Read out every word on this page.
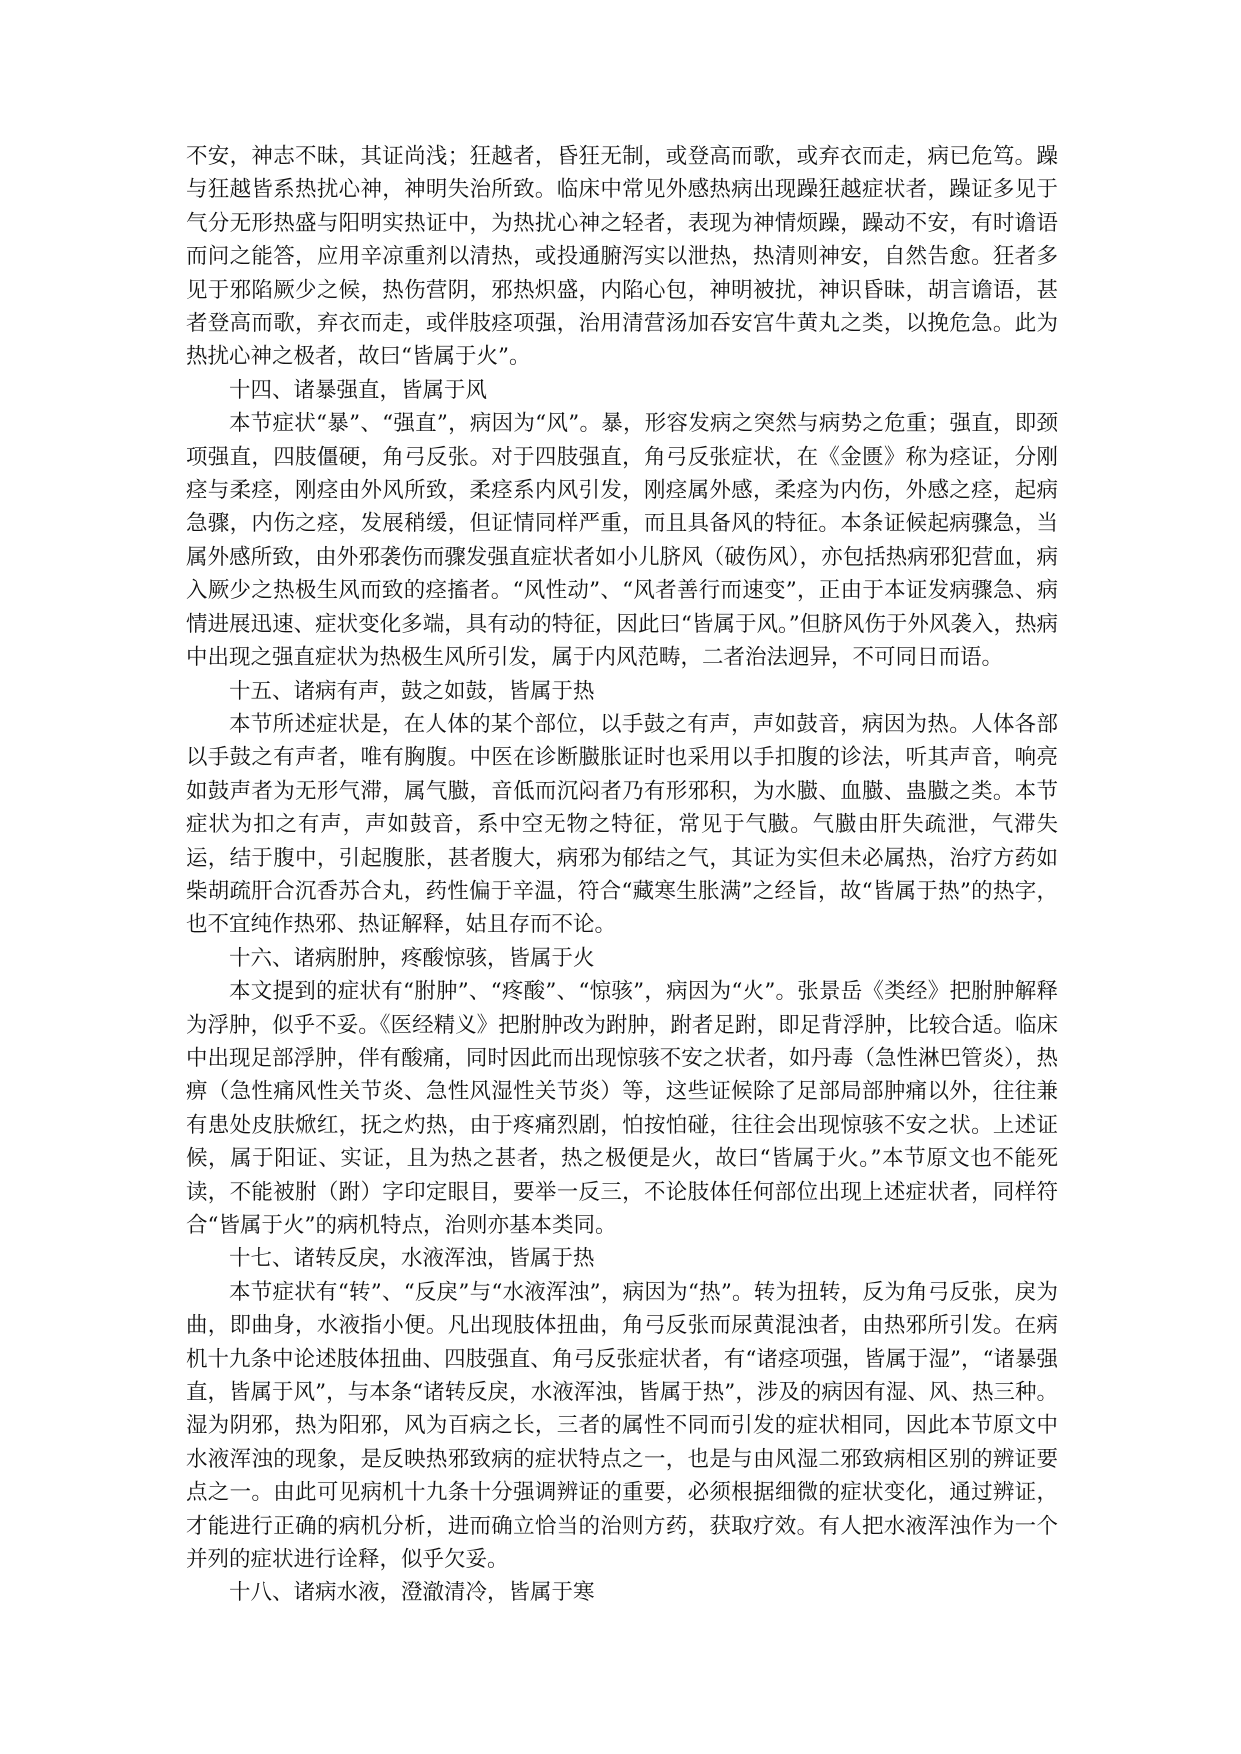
不安，神志不昧，其证尚浅；狂越者，昏狂无制，或登高而歌，或弃衣而走，病已危笃。躁与狂越皆系热扰心神，神明失治所致。临床中常见外感热病出现躁狂越症状者，躁证多见于气分无形热盛与阳明实热证中，为热扰心神之轻者，表现为神情烦躁，躁动不安，有时谵语而问之能答，应用辛凉重剂以清热，或投通腑泻实以泄热，热清则神安，自然告愈。狂者多见于邪陷厥少之候，热伤营阴，邪热炽盛，内陷心包，神明被扰，神识昏昧，胡言谵语，甚者登高而歌，弃衣而走，或伴肢痉项强，治用清营汤加吞安宫牛黄丸之类，以挽危急。此为热扰心神之极者，故曰“皆属于火”。

十四、诸暴强直，皆属于风

本节症状“暴”、“强直”，病因为“风”。暴，形容发病之突然与病势之危重；强直，即颈项强直，四肢僵硬，角弓反张。对于四肢强直，角弓反张症状，在《金匮》称为痉证，分刚痉与柔痉，刚痉由外风所致，柔痉系内风引发，刚痉属外感，柔痉为内伤，外感之痉，起病急骤，内伤之痉，发展稍缓，但证情同样严重，而且具备风的特征。本条证候起病骤急，当属外感所致，由外邪袭伤而骤发强直症状者如小儿脐风（破伤风），亦包括热病邪犯营血，病入厥少之热极生风而致的痉搐者。“风性动”、“风者善行而速变”，正由于本证发病骤急、病情进展迅速、症状变化多端，具有动的特征，因此曰“皆属于风。”但脐风伤于外风袭入，热病中出现之强直症状为热极生风所引发，属于内风范畴，二者治法迥异，不可同日而语。

十五、诸病有声，鼓之如鼓，皆属于热

本节所述症状是，在人体的某个部位，以手鼓之有声，声如鼓音，病因为热。人体各部以手鼓之有声者，唯有胸腹。中医在诊断臌胀证时也采用以手扣腹的诊法，听其声音，响亮如鼓声者为无形气滞，属气臌，音低而沉闷者乃有形邪积，为水臌、血臌、蛊臌之类。本节症状为扣之有声，声如鼓音，系中空无物之特征，常见于气臌。气臌由肝失疏泄，气滞失运，结于腹中，引起腹胀，甚者腹大，病邪为郁结之气，其证为实但未必属热，治疗方药如柴胡疏肝合沉香苏合丸，药性偏于辛温，符合“藏寒生胀满”之经旨，故“皆属于热”的热字，也不宜纯作热邪、热证解释，姑且存而不论。

十六、诸病胕肿，疼酸惊骇，皆属于火

本文提到的症状有“胕肿”、“疼酸”、“惊骇”，病因为“火”。张景岳《类经》把胕肿解释为浮肿，似乎不妥。《医经精义》把胕肿改为跗肿，跗者足跗，即足背浮肿，比较合适。临床中出现足部浮肿，伴有酸痛，同时因此而出现惊骇不安之状者，如丹毒（急性淋巴管炎），热痹（急性痛风性关节炎、急性风湿性关节炎）等，这些证候除了足部局部肿痛以外，往往兼有患处皮肤焮红，抚之灼热，由于疼痛烈剧，怕按怕碰，往往会出现惊骇不安之状。上述证候，属于阳证、实证，且为热之甚者，热之极便是火，故曰“皆属于火。”本节原文也不能死读，不能被胕（跗）字印定眼目，要举一反三，不论肢体任何部位出现上述症状者，同样符合“皆属于火”的病机特点，治则亦基本类同。

十七、诸转反戾，水液浑浊，皆属于热

本节症状有“转”、“反戾”与“水液浑浊”，病因为“热”。转为扭转，反为角弓反张，戾为曲，即曲身，水液指小便。凡出现肢体扭曲，角弓反张而尿黄混浊者，由热邪所引发。在病机十九条中论述肢体扭曲、四肢强直、角弓反张症状者，有“诸痉项强，皆属于湿”，“诸暴强直，皆属于风”，与本条“诸转反戾，水液浑浊，皆属于热”，涉及的病因有湿、风、热三种。湿为阴邪，热为阳邪，风为百病之长，三者的属性不同而引发的症状相同，因此本节原文中水液浑浊的现象，是反映热邪致病的症状特点之一，也是与由风湿二邪致病相区别的辨证要点之一。由此可见病机十九条十分强调辨证的重要，必须根据细微的症状变化，通过辨证，才能进行正确的病机分析，进而确立恰当的治则方药，获取疗效。有人把水液浑浊作为一个并列的症状进行诠释，似乎欠妥。

十八、诸病水液，澄澈清冷，皆属于寒
